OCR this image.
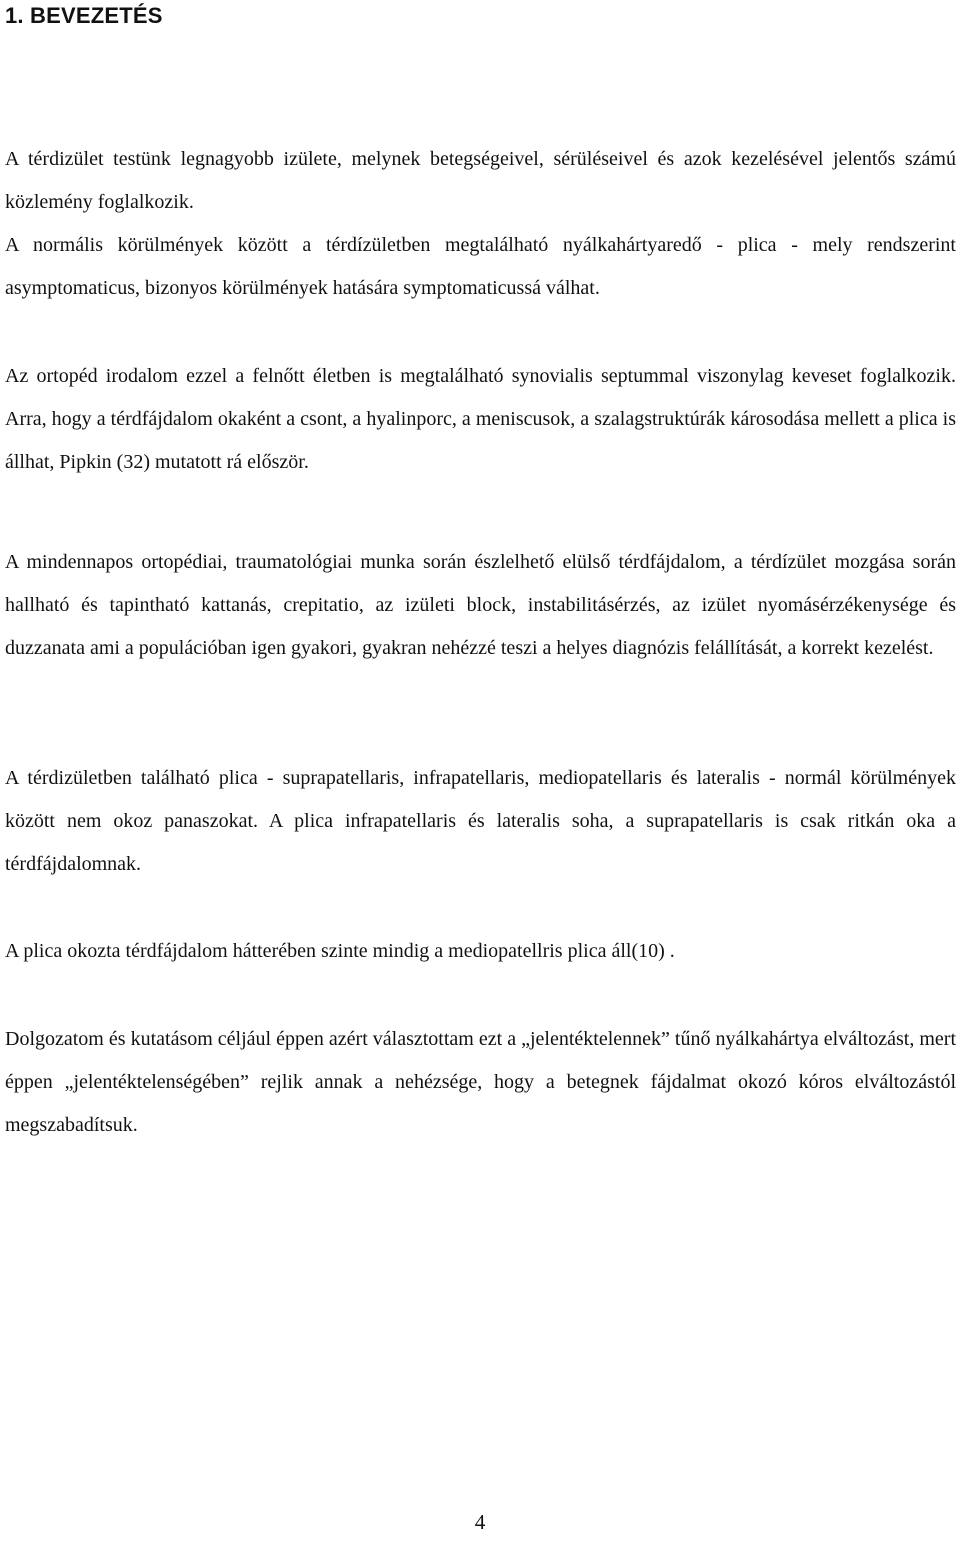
1. BEVEZETÉS

A térdizület testünk legnagyobb izülete, melynek betegségeivel, sérüléseivel és azok kezelésével jelentős számú közlemény foglalkozik.

A normális körülmények között a térdízületben megtalálható nyálkahártyaredő - plica - mely rendszerint asymptomaticus, bizonyos körülmények hatására symptomaticussá válhat.

Az ortopéd irodalom ezzel a felnőtt életben is megtalálható synovialis septummal viszonylag keveset foglalkozik. Arra, hogy a térdfájdalom okaként a csont, a hyalinporc, a meniscusok, a szalagstruktúrák károsodása mellett a plica is állhat, Pipkin (32) mutatott rá először.

A mindennapos ortopédiai, traumatológiai munka során észlelhető elülső térdfájdalom, a térdízület mozgása során hallható és tapintható kattanás, crepitatio, az izületi block, instabilitásérzés, az izület nyomásérzékenysége és duzzanata ami a populációban igen gyakori, gyakran nehézzé teszi a helyes diagnózis felállítását, a korrekt kezelést.

A térdizületben található plica - suprapatellaris, infrapatellaris, mediopatellaris és lateralis - normál körülmények között nem okoz panaszokat. A plica infrapatellaris és lateralis soha, a suprapatellaris is csak ritkán oka a térdfájdalomnak.

A plica okozta térdfájdalom hátterében szinte mindig a mediopatellris plica áll(10) .

Dolgozatom és kutatásom céljául éppen azért választottam ezt a „jelentéktelennek” tűnő nyálkahártya elváltozást, mert éppen „jelentéktelenségében” rejlik annak a nehézsége, hogy a betegnek fájdalmat okozó kóros elváltozástól megszabadítsuk.

4
